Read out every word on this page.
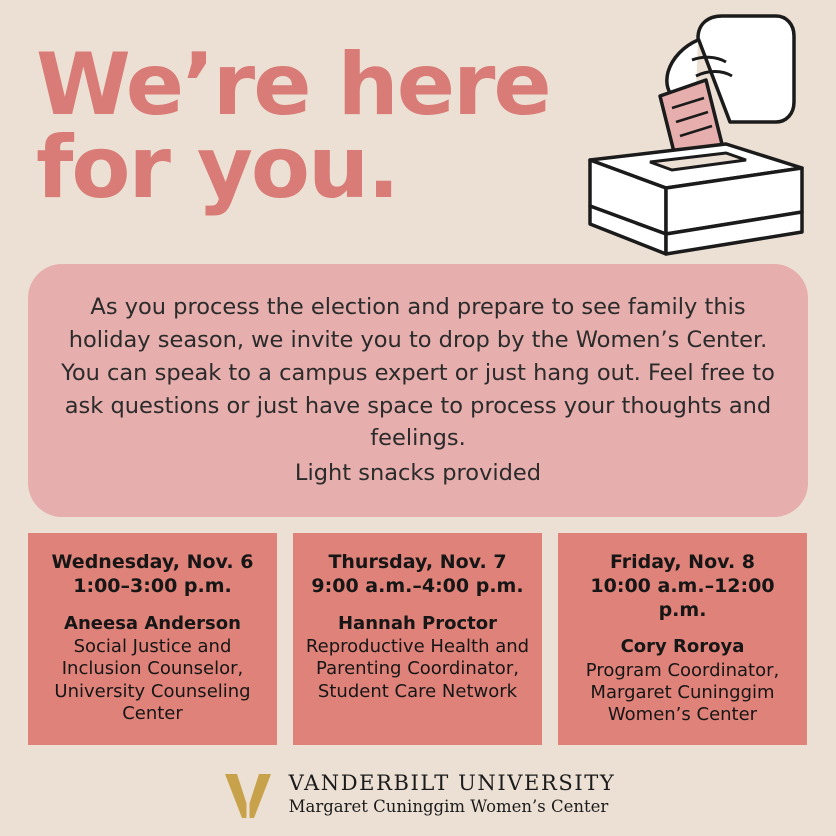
We’re here
for you.
As you process the election and prepare to see family this holiday season, we invite you to drop by the Women’s Center. You can speak to a campus expert or just hang out. Feel free to ask questions or just have space to process your thoughts and feelings.
Light snacks provided
Wednesday, Nov. 6
1:00–3:00 p.m.
Aneesa Anderson
Social Justice and Inclusion Counselor, University Counseling Center
Thursday, Nov. 7
9:00 a.m.–4:00 p.m.
Hannah Proctor
Reproductive Health and Parenting Coordinator, Student Care Network
Friday, Nov. 8
10:00 a.m.–12:00 p.m.
Cory Roroya
Program Coordinator, Margaret Cuninggim Women’s Center
VANDERBILT UNIVERSITY
Margaret Cuninggim Women’s Center
